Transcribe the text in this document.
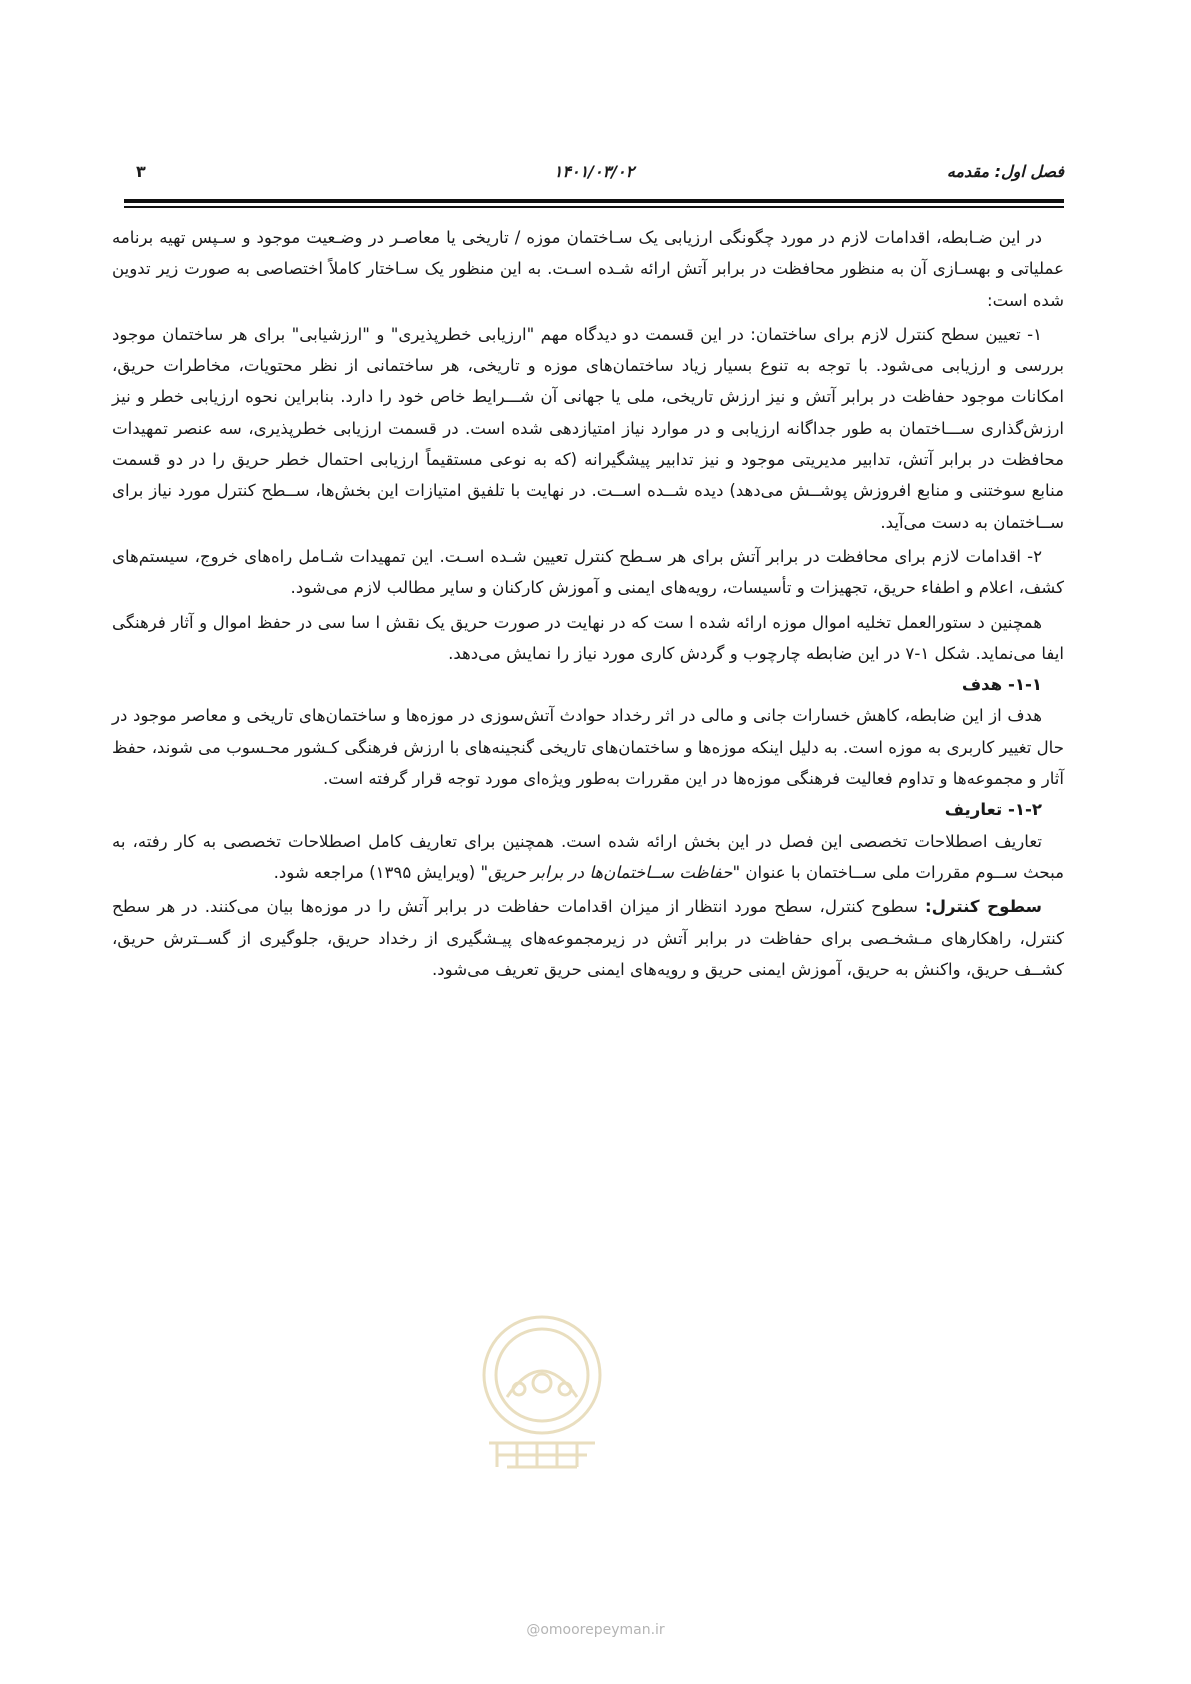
فصل اول: مقدمه
۱۴۰۱/۰۳/۰۲
۳

در این ضـابطه، اقدامات لازم در مورد چگونگی ارزیابی یک سـاختمان موزه / تاریخی یا معاصـر در وضـعیت موجود و سـپس تهیه برنامه عملیاتی و بهسـازی آن به منظور محافظت در برابر آتش ارائه شـده اسـت. به این منظور یک سـاختار کاملاً اختصاصی به صورت زیر تدوین شده است:

۱- تعیین سطح کنترل لازم برای ساختمان: در این قسمت دو دیدگاه مهم "ارزیابی خطرپذیری" و "ارزشیابی" برای هر ساختمان موجود بررسی و ارزیابی می‌شود. با توجه به تنوع بسیار زیاد ساختمان‌های موزه و تاریخی، هر ساختمانی از نظر محتویات، مخاطرات حریق، امکانات موجود حفاظت در برابر آتش و نیز ارزش تاریخی، ملی یا جهانی آن شـــرایط خاص خود را دارد. بنابراین نحوه ارزیابی خطر و نیز ارزش‌گذاری ســـاختمان به طور جداگانه ارزیابی و در موارد نیاز امتیازدهی شده است. در قسمت ارزیابی خطرپذیری، سه عنصر تمهیدات محافظت در برابر آتش، تدابیر مدیریتی موجود و نیز تدابیر پیشگیرانه (که به نوعی مستقیماً ارزیابی احتمال خطر حریق را در دو قسمت منابع سوختنی و منابع افروزش پوشــش می‌دهد) دیده شــده اســت. در نهایت با تلفیق امتیازات این بخش‌ها، ســطح کنترل مورد نیاز برای ســاختمان به دست می‌آید.

۲- اقدامات لازم برای محافظت در برابر آتش برای هر سـطح کنترل تعیین شـده اسـت. این تمهیدات شـامل راه‌های خروج، سیستم‌های کشف، اعلام و اطفاء حریق، تجهیزات و تأسیسات، رویه‌های ایمنی و آموزش کارکنان و سایر مطالب لازم می‌شود.

همچنین د ستورالعمل تخلیه اموال موزه ارائه شده ا ست که در نهایت در صورت حریق یک نقش ا سا سی در حفظ اموال و آثار فرهنگی ایفا می‌نماید. شکل ۱-۷ در این ضابطه چارچوب و گردش کاری مورد نیاز را نمایش می‌دهد.

۱-۱- هدف

هدف از این ضابطه، کاهش خسارات جانی و مالی در اثر رخداد حوادث آتش‌سوزی در موزه‌ها و ساختمان‌های تاریخی و معاصر موجود در حال تغییر کاربری به موزه است. به دلیل اینکه موزه‌ها و ساختمان‌های تاریخی گنجینه‌های با ارزش فرهنگی کـشور محـسوب می شوند، حفظ آثار و مجموعه‌ها و تداوم فعالیت فرهنگی موزه‌ها در این مقررات به‌طور ویژه‌ای مورد توجه قرار گرفته است.

۱-۲- تعاریف

تعاریف اصطلاحات تخصصی این فصل در این بخش ارائه شده است. همچنین برای تعاریف کامل اصطلاحات تخصصی به کار رفته، به مبحث ســوم مقررات ملی ســاختمان با عنوان "حفاظت ســاختمان‌ها در برابر حریق" (ویرایش ۱۳۹۵) مراجعه شود.

سطوح کنترل: سطوح کنترل، سطح مورد انتظار از میزان اقدامات حفاظت در برابر آتش را در موزه‌ها بیان می‌کنند. در هر سطح کنترل، راهکارهای مـشخـصی برای حفاظت در برابر آتش در زیرمجموعه‌های پیـشگیری از رخداد حریق، جلوگیری از گســترش حریق، کشــف حریق، واکنش به حریق، آموزش ایمنی حریق و رویه‌های ایمنی حریق تعریف می‌شود.

@omoorepeyman.ir
